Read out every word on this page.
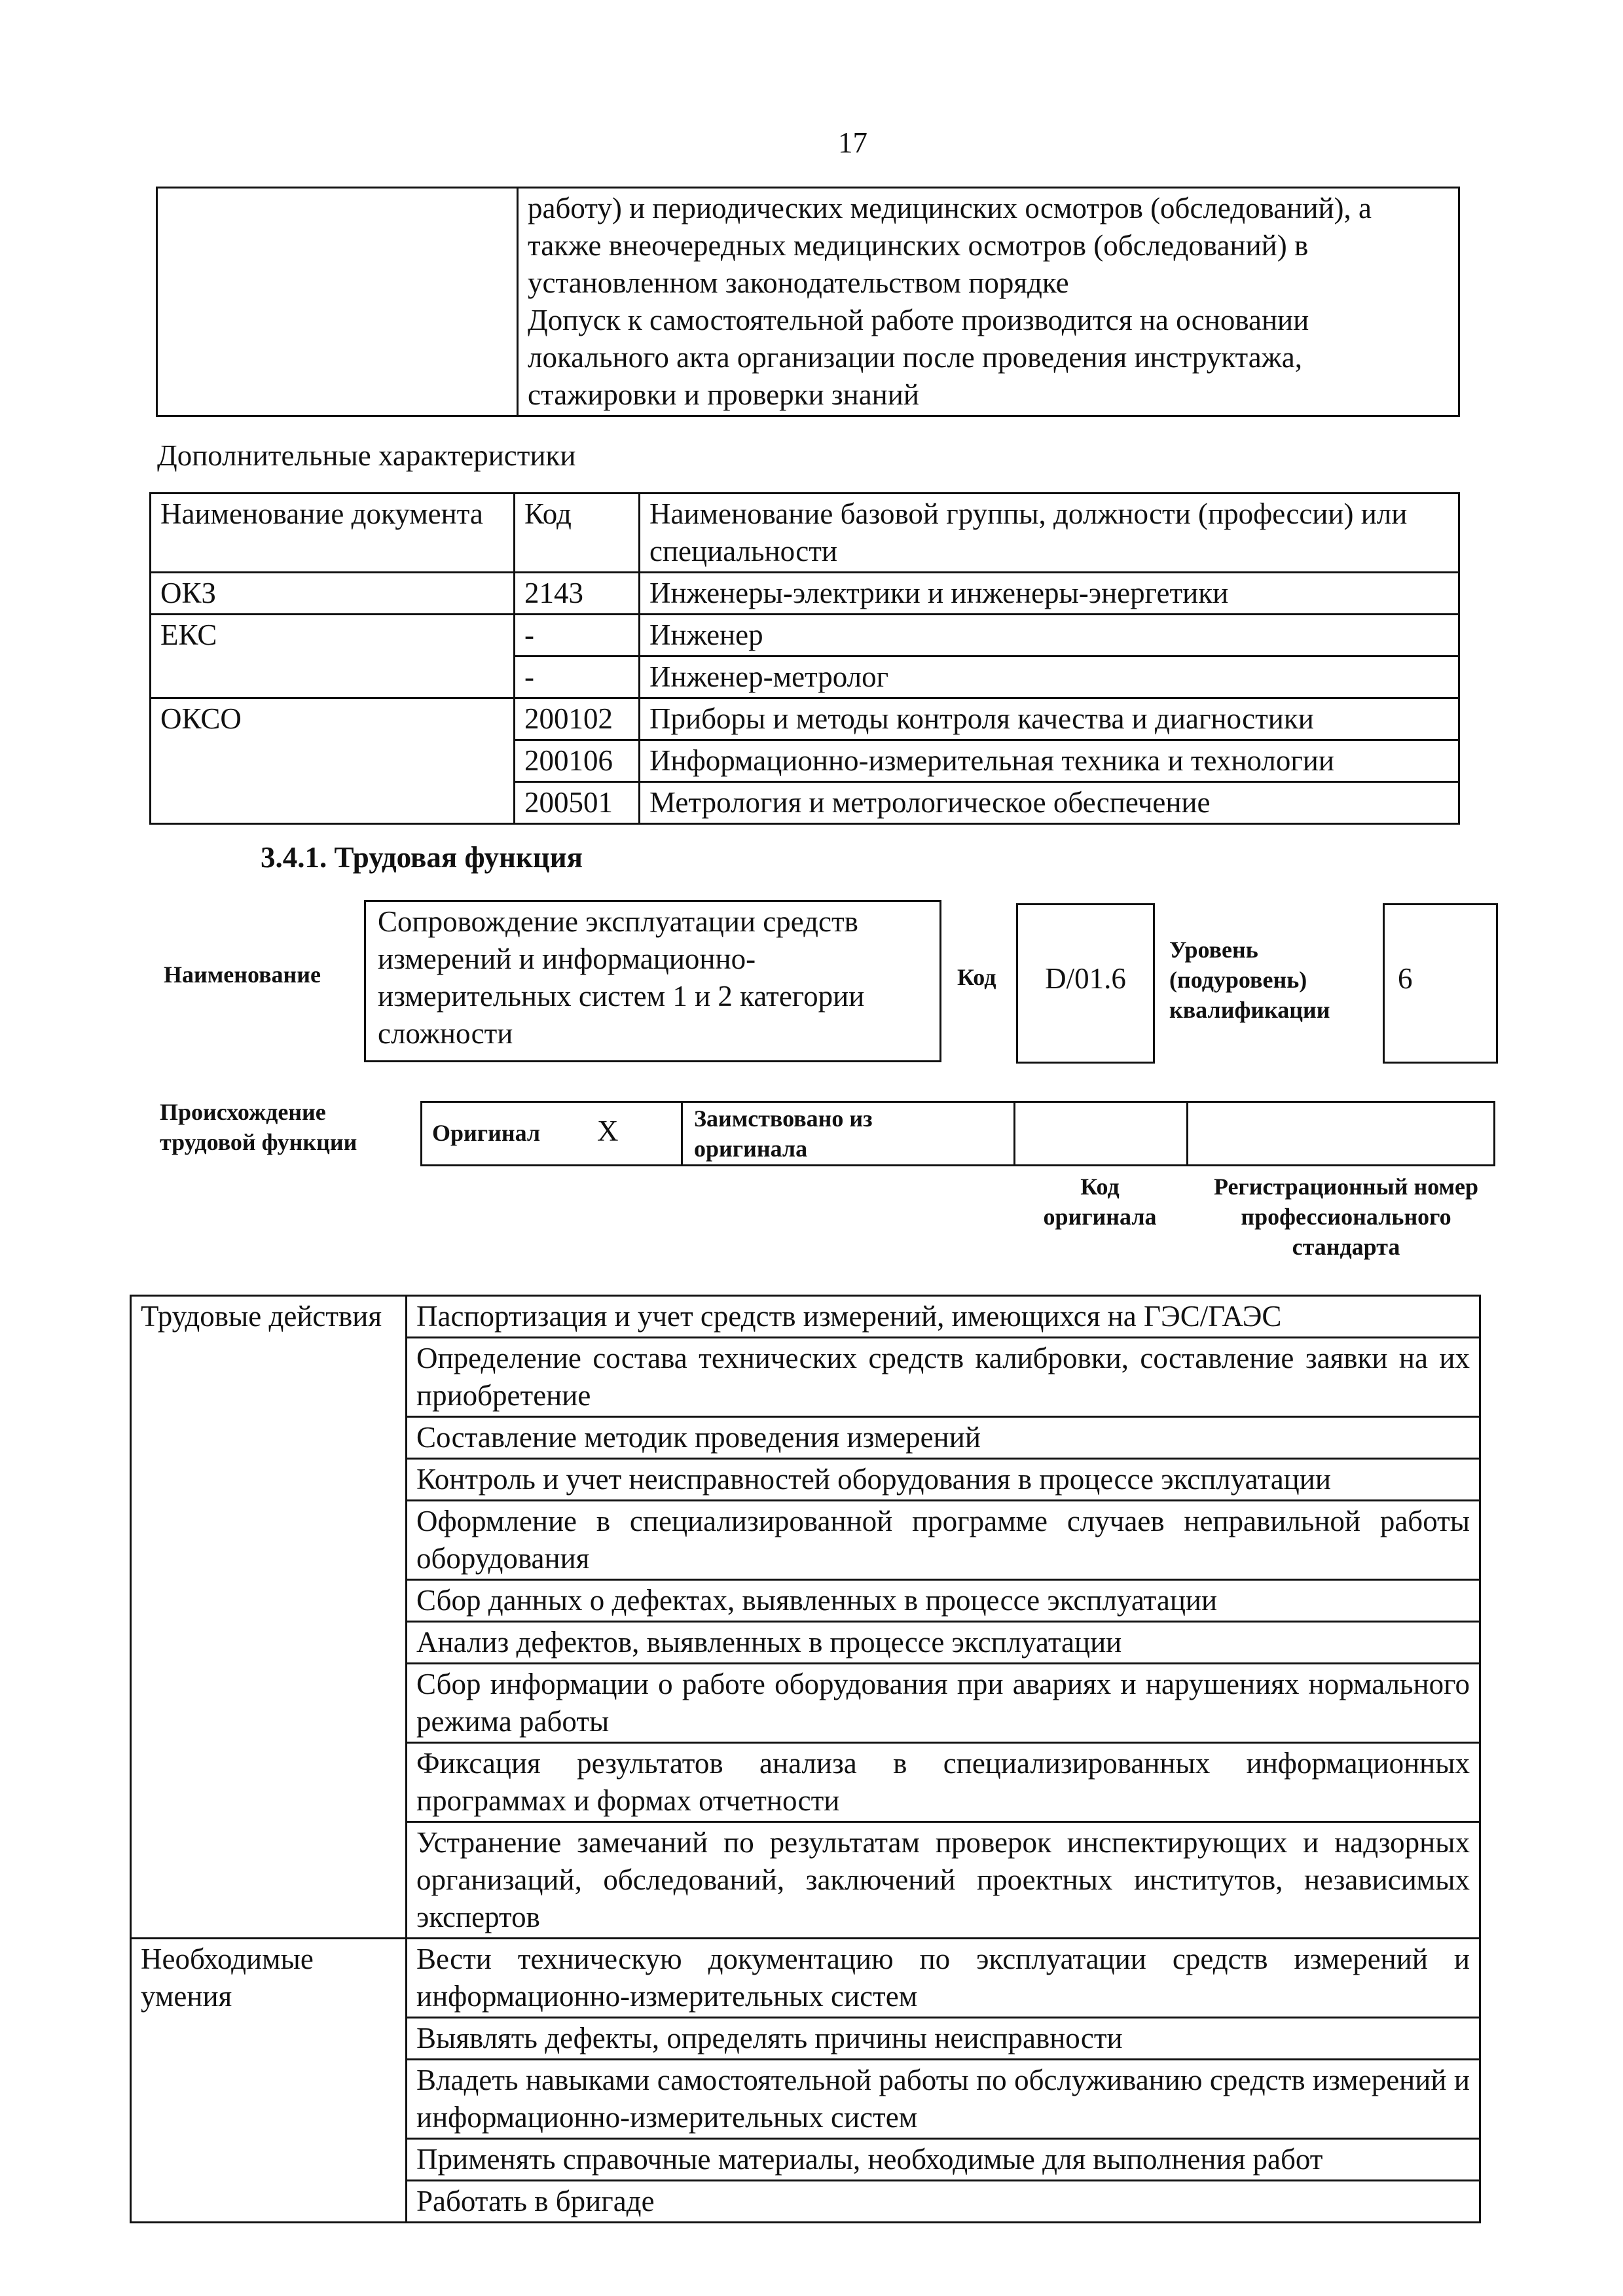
17

работу) и периодических медицинских осмотров (обследований), а
также внеочередных медицинских осмотров (обследований) в
установленном законодательством порядке
Допуск к самостоятельной работе производится на основании
локального акта организации после проведения инструктажа,
стажировки и проверки знаний
Дополнительные характеристики
Наименование документа	Код	Наименование базовой группы, должности (профессии) или специальности
ОКЗ	2143	Инженеры-электрики и инженеры-энергетики
ЕКС	-	Инженер
	-	Инженер-метролог
ОКСО	200102	Приборы и методы контроля качества и диагностики
	200106	Информационно-измерительная техника и технологии
	200501	Метрология и метрологическое обеспечение
3.4.1. Трудовая функция
Наименование
Сопровождение эксплуатации средств измерений и информационно-измерительных систем 1 и 2 категории сложности
Код	D/01.6
Уровень (подуровень) квалификации
6
Происхождение трудовой функции	Оригинал X	Заимствовано из оригинала
Код оригинала
Регистрационный номер профессионального стандарта
Трудовые действия	Паспортизация и учет средств измерений, имеющихся на ГЭС/ГАЭС
	Определение состава технических средств калибровки, составление заявки на их приобретение
	Составление методик проведения измерений
	Контроль и учет неисправностей оборудования в процессе эксплуатации
	Оформление в специализированной программе случаев неправильной работы оборудования
	Сбор данных о дефектах, выявленных в процессе эксплуатации
	Анализ дефектов, выявленных в процессе эксплуатации
	Сбор информации о работе оборудования при авариях и нарушениях нормального режима работы
	Фиксация результатов анализа в специализированных информационных программах и формах отчетности
	Устранение замечаний по результатам проверок инспектирующих и надзорных организаций, обследований, заключений проектных институтов, независимых экспертов
Необходимые умения	Вести техническую документацию по эксплуатации средств измерений и информационно-измерительных систем
	Выявлять дефекты, определять причины неисправности
	Владеть навыками самостоятельной работы по обслуживанию средств измерений и информационно-измерительных систем
	Применять справочные материалы, необходимые для выполнения работ
	Работать в бригаде
